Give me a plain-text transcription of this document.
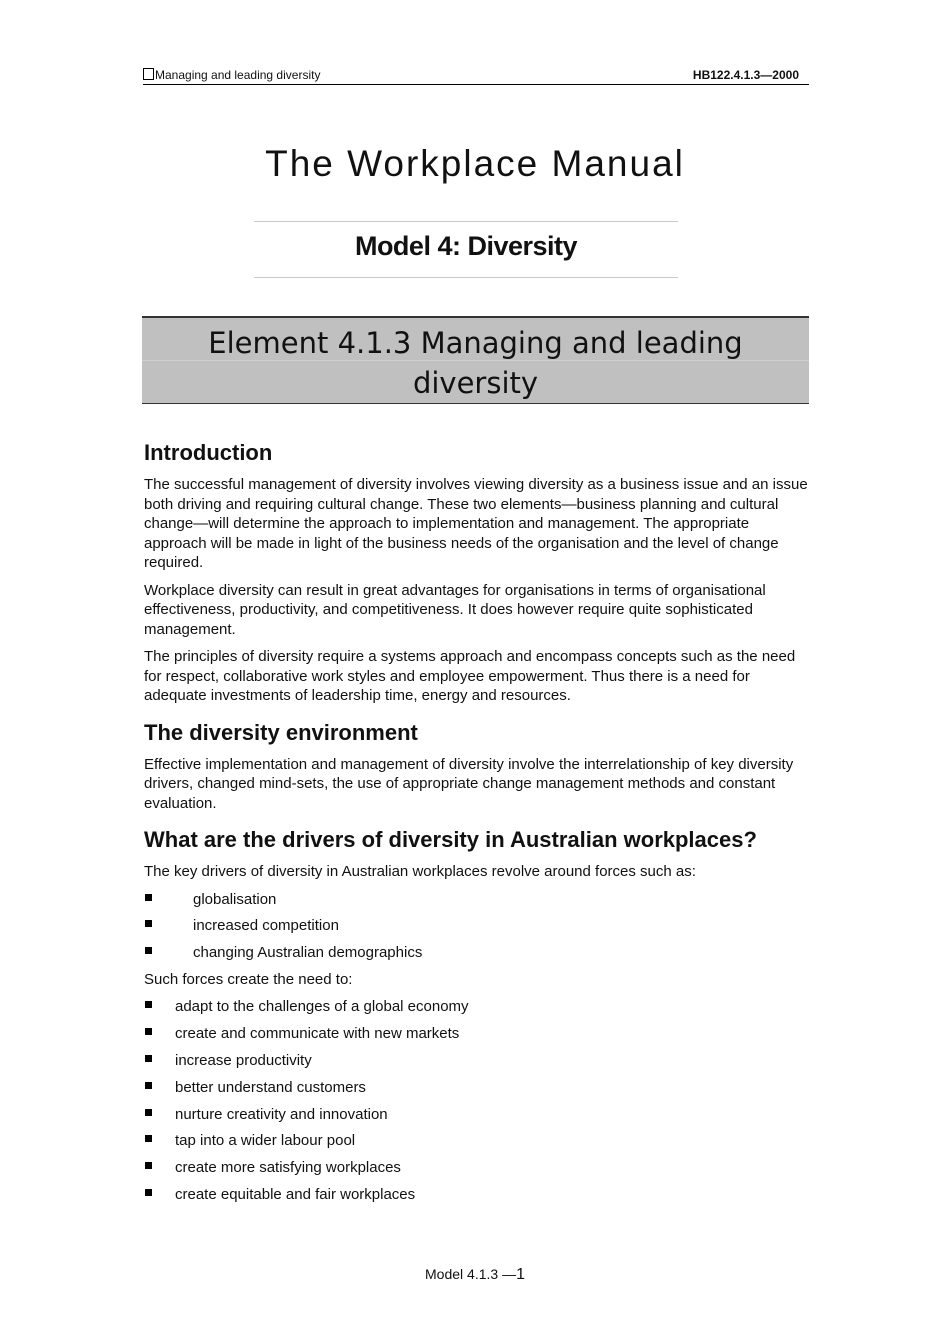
Managing and leading diversity	HB122.4.1.3—2000
The Workplace Manual
Model 4: Diversity
Element 4.1.3 Managing and leading diversity
Introduction

The successful management of diversity involves viewing diversity as a business issue and an issue both driving and requiring cultural change. These two elements—business planning and cultural change—will determine the approach to implementation and management. The appropriate approach will be made in light of the business needs of the organisation and the level of change required.

Workplace diversity can result in great advantages for organisations in terms of organisational effectiveness, productivity, and competitiveness. It does however require quite sophisticated management.

The principles of diversity require a systems approach and encompass concepts such as the need for respect, collaborative work styles and employee empowerment. Thus there is a need for adequate investments of leadership time, energy and resources.

The diversity environment

Effective implementation and management of diversity involve the interrelationship of key diversity drivers, changed mind-sets, the use of appropriate change management methods and constant evaluation.

What are the drivers of diversity in Australian workplaces?

The key drivers of diversity in Australian workplaces revolve around forces such as:

globalisation
increased competition
changing Australian demographics

Such forces create the need to:

adapt to the challenges of a global economy
create and communicate with new markets
increase productivity
better understand customers
nurture creativity and innovation
tap into a wider labour pool
create more satisfying workplaces
create equitable and fair workplaces
Model 4.1.3 —1
